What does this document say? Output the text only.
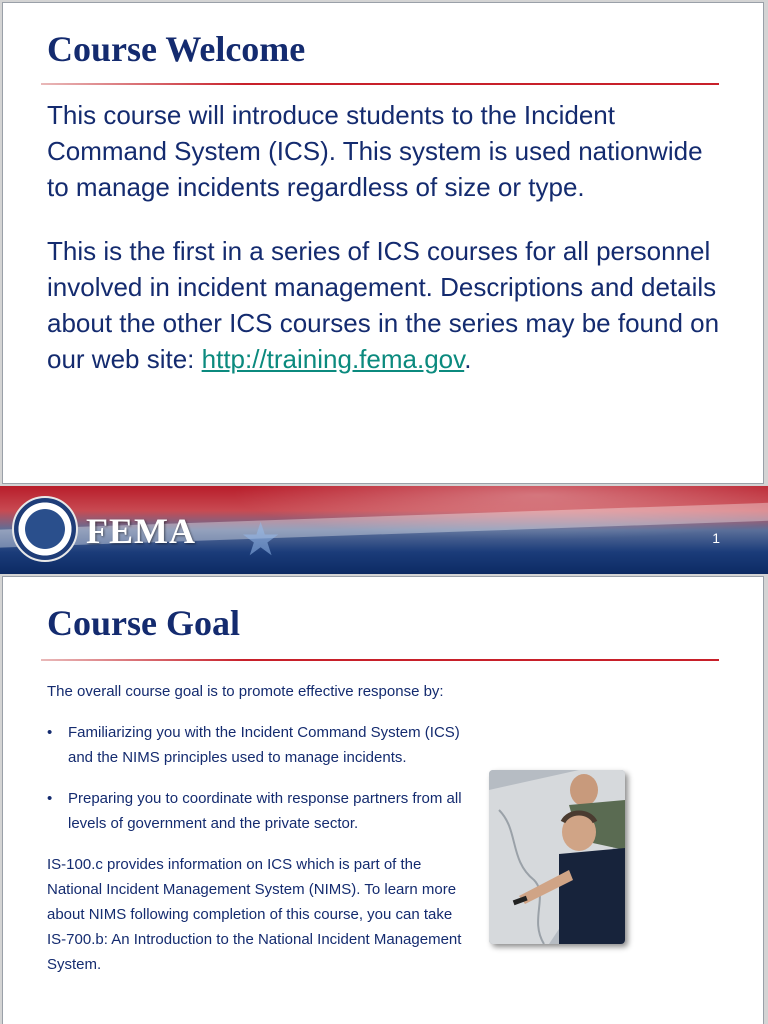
Course Welcome

This course will introduce students to the Incident Command System (ICS). This system is used nationwide to manage incidents regardless of size or type.

This is the first in a series of ICS courses for all personnel involved in incident management. Descriptions and details about the other ICS courses in the series may be found on our web site: http://training.fema.gov.

FEMA ★	1
Course Goal

The overall course goal is to promote effective response by:

• Familiarizing you with the Incident Command System (ICS) and the NIMS principles used to manage incidents.
• Preparing you to coordinate with response partners from all levels of government and the private sector.

IS-100.c provides information on ICS which is part of the National Incident Management System (NIMS). To learn more about NIMS following completion of this course, you can take IS-700.b: An Introduction to the National Incident Management System.
